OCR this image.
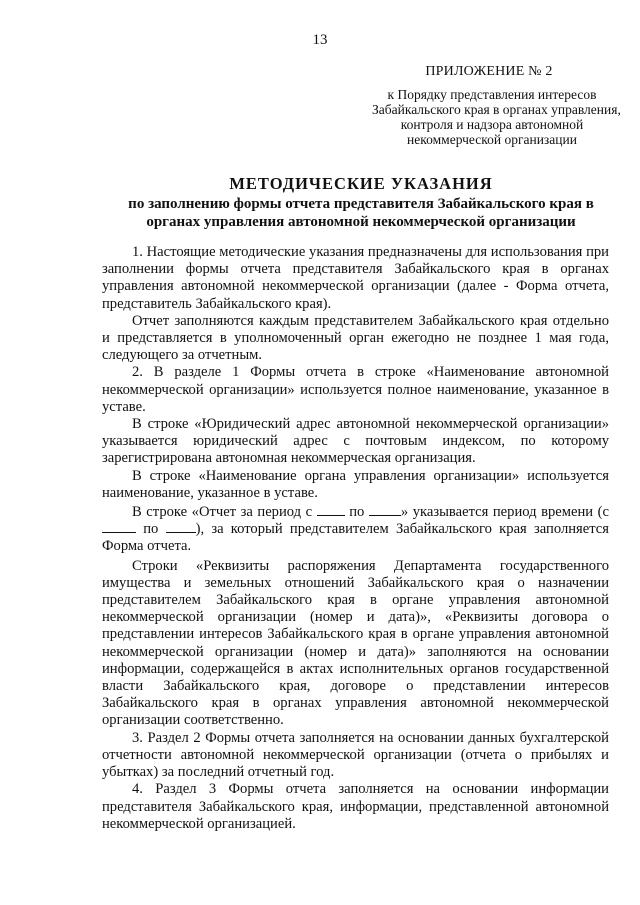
13
ПРИЛОЖЕНИЕ № 2
к Порядку представления интересов
Забайкальского края в органах управления,
контроля и надзора автономной
некоммерческой организации
МЕТОДИЧЕСКИЕ УКАЗАНИЯ
по заполнению формы отчета представителя Забайкальского края в
органах управления автономной некоммерческой организации

1. Настоящие методические указания предназначены для использования при заполнении формы отчета представителя Забайкальского края в органах управления автономной некоммерческой организации (далее - Форма отчета, представитель Забайкальского края).

Отчет заполняются каждым представителем Забайкальского края отдельно и представляется в уполномоченный орган ежегодно не позднее 1 мая года, следующего за отчетным.

2. В разделе 1 Формы отчета в строке «Наименование автономной некоммерческой организации» используется полное наименование, указанное в уставе.

В строке «Юридический адрес автономной некоммерческой организации» указывается юридический адрес с почтовым индексом, по которому зарегистрирована автономная некоммерческая организация.

В строке «Наименование органа управления организации» используется наименование, указанное в уставе.

В строке «Отчет за период с  по » указывается период времени (с  по ), за который представителем Забайкальского края заполняется Форма отчета.

Строки «Реквизиты распоряжения Департамента государственного имущества и земельных отношений Забайкальского края о назначении представителем Забайкальского края в органе управления автономной некоммерческой организации (номер и дата)», «Реквизиты договора о представлении интересов Забайкальского края в органе управления автономной некоммерческой организации (номер и дата)» заполняются на основании информации, содержащейся в актах исполнительных органов государственной власти Забайкальского края, договоре о представлении интересов Забайкальского края в органах управления автономной некоммерческой организации соответственно.

3. Раздел 2 Формы отчета заполняется на основании данных бухгалтерской отчетности автономной некоммерческой организации (отчета о прибылях и убытках) за последний отчетный год.

4. Раздел 3 Формы отчета заполняется на основании информации представителя Забайкальского края, информации, представленной автономной некоммерческой организацией.
